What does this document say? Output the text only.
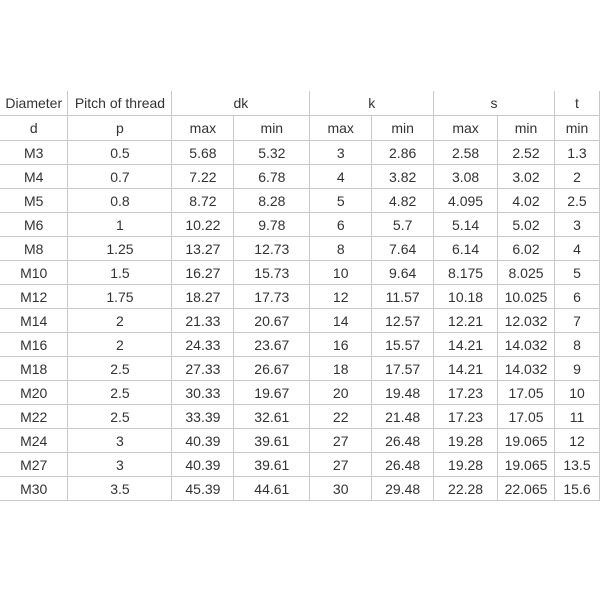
Diameter	Pitch of thread	dk		k		s		t
d	p	max	min	max	min	max	min	min
M3	0.5	5.68	5.32	3	2.86	2.58	2.52	1.3
M4	0.7	7.22	6.78	4	3.82	3.08	3.02	2
M5	0.8	8.72	8.28	5	4.82	4.095	4.02	2.5
M6	1	10.22	9.78	6	5.7	5.14	5.02	3
M8	1.25	13.27	12.73	8	7.64	6.14	6.02	4
M10	1.5	16.27	15.73	10	9.64	8.175	8.025	5
M12	1.75	18.27	17.73	12	11.57	10.18	10.025	6
M14	2	21.33	20.67	14	12.57	12.21	12.032	7
M16	2	24.33	23.67	16	15.57	14.21	14.032	8
M18	2.5	27.33	26.67	18	17.57	14.21	14.032	9
M20	2.5	30.33	19.67	20	19.48	17.23	17.05	10
M22	2.5	33.39	32.61	22	21.48	17.23	17.05	11
M24	3	40.39	39.61	27	26.48	19.28	19.065	12
M27	3	40.39	39.61	27	26.48	19.28	19.065	13.5
M30	3.5	45.39	44.61	30	29.48	22.28	22.065	15.6
